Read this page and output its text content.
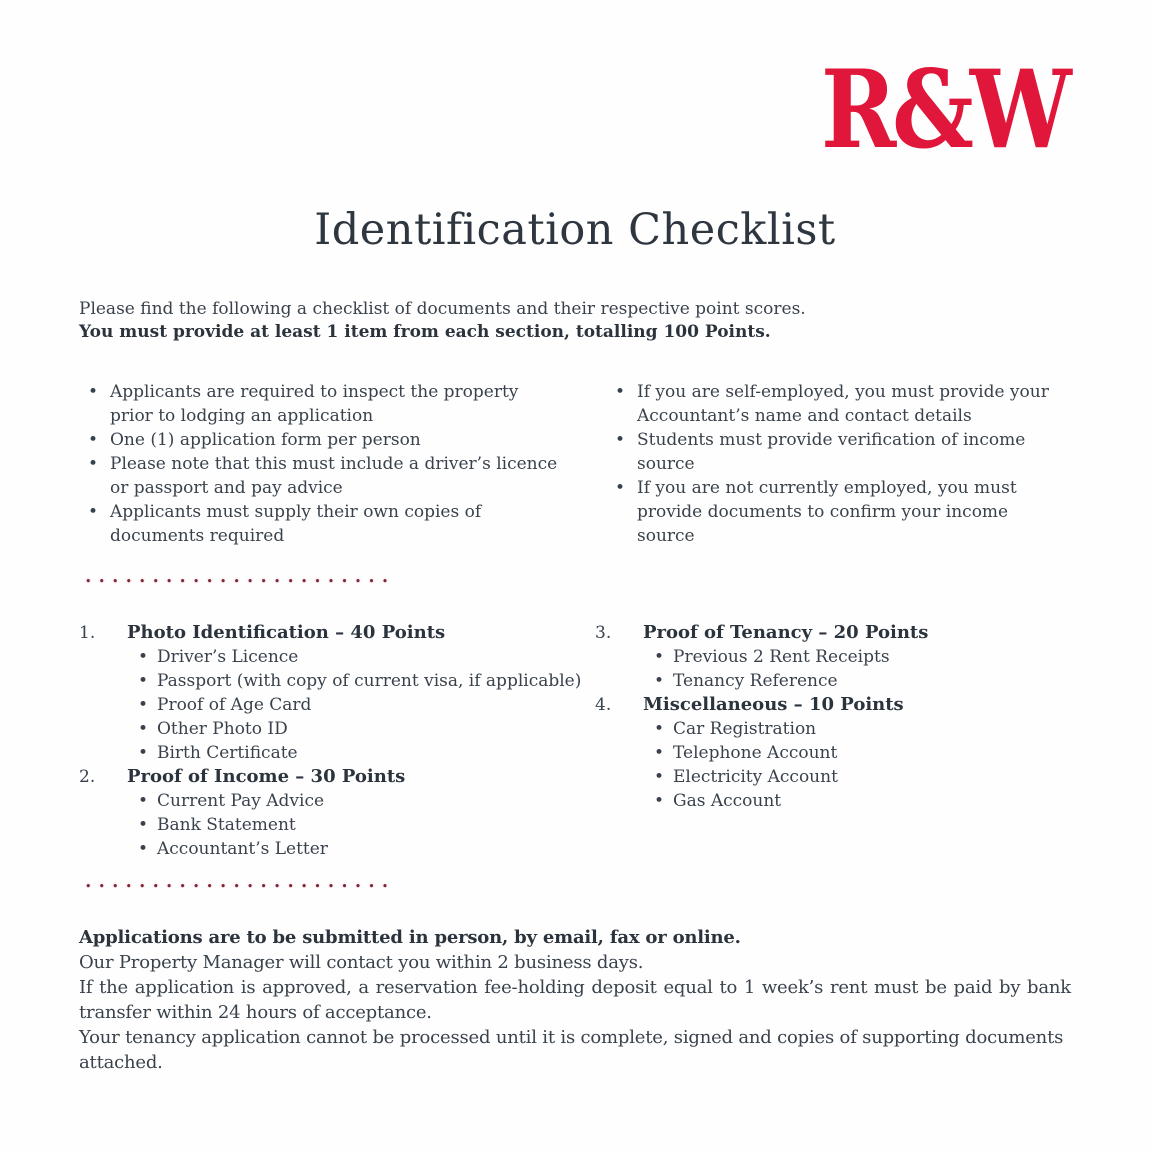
R&W
Identification Checklist

Please find the following a checklist of documents and their respective point scores.

You must provide at least 1 item from each section, totalling 100 Points.

• Applicants are required to inspect the property prior to lodging an application
• One (1) application form per person
• Please note that this must include a driver’s licence or passport and pay advice
• Applicants must supply their own copies of documents required
• If you are self-employed, you must provide your Accountant’s name and contact details
• Students must provide verification of income source
• If you are not currently employed, you must provide documents to confirm your income source
•••••••••••••••••••••••
1.	Photo Identification – 40 Points
• Driver’s Licence
• Passport (with copy of current visa, if applicable)
• Proof of Age Card
• Other Photo ID
• Birth Certificate
2.	Proof of Income – 30 Points
• Current Pay Advice
• Bank Statement
• Accountant’s Letter
3.	Proof of Tenancy – 20 Points
• Previous 2 Rent Receipts
• Tenancy Reference
4.	Miscellaneous – 10 Points
• Car Registration
• Telephone Account
• Electricity Account
• Gas Account
•••••••••••••••••••••••

Applications are to be submitted in person, by email, fax or online.

Our Property Manager will contact you within 2 business days.

If the application is approved, a reservation fee-holding deposit equal to 1 week’s rent must be paid by bank transfer within 24 hours of acceptance.

Your tenancy application cannot be processed until it is complete, signed and copies of supporting documents attached.
